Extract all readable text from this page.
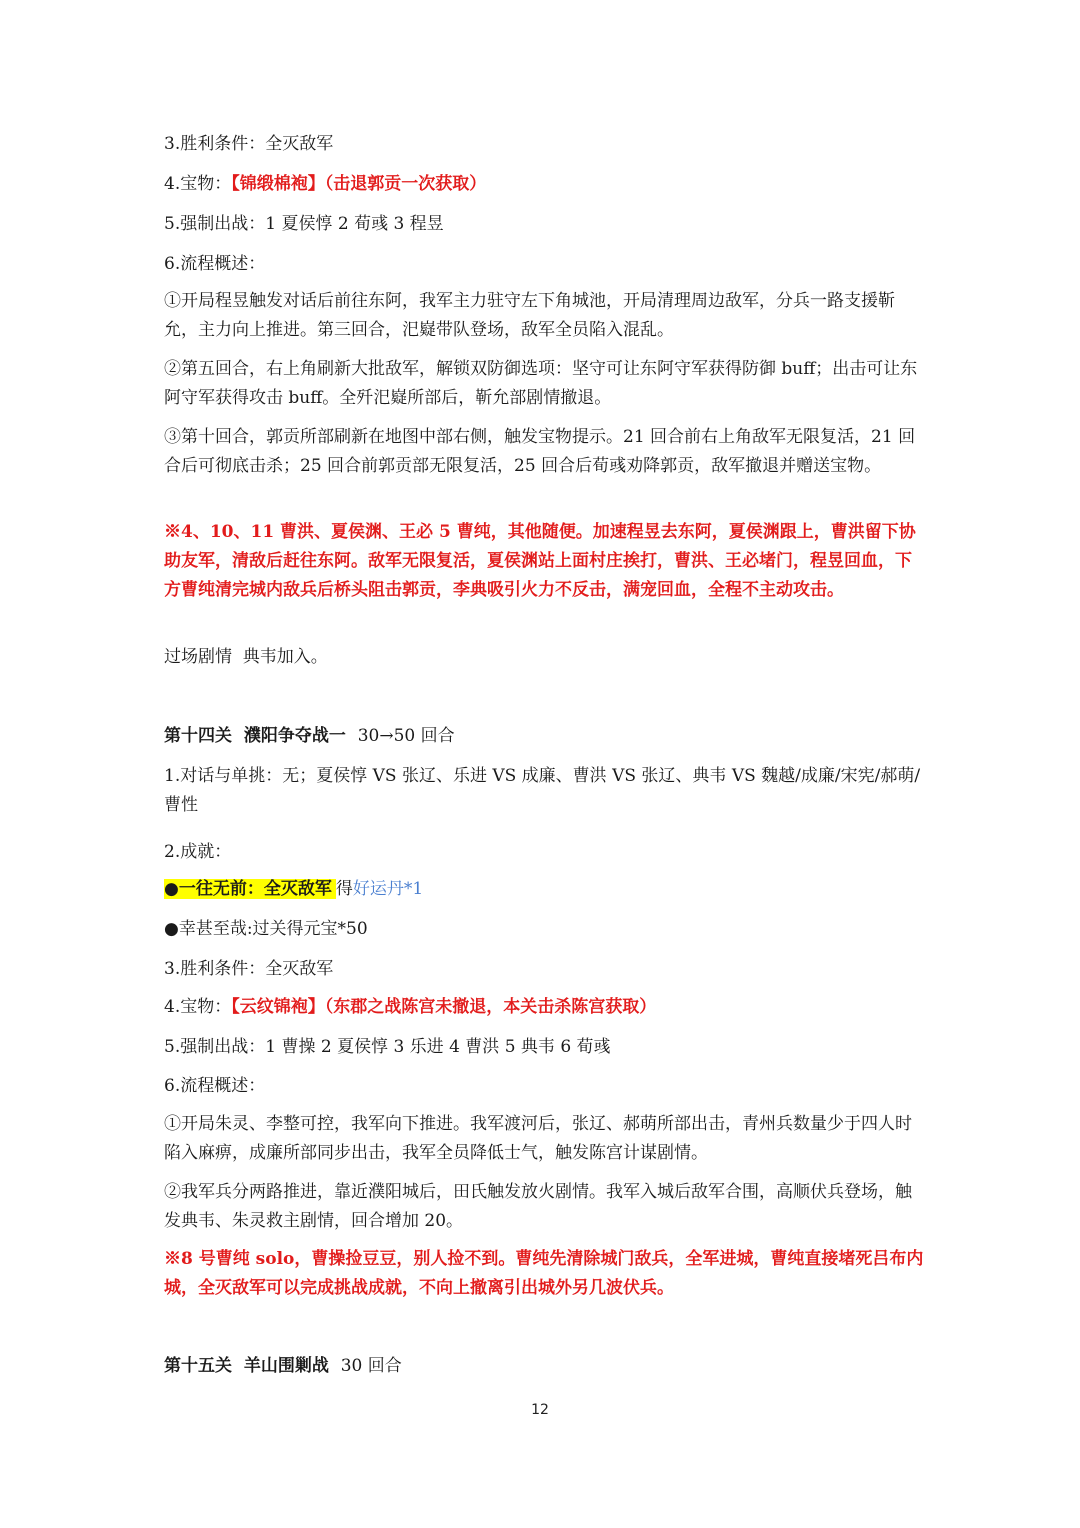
3.胜利条件：全灭敌军

4.宝物：【锦缎棉袍】（击退郭贡一次获取）

5.强制出战：1 夏侯惇 2 荀彧 3 程昱

6.流程概述：

①开局程昱触发对话后前往东阿，我军主力驻守左下角城池，开局清理周边敌军，分兵一路支援靳允，主力向上推进。第三回合，汜嶷带队登场，敌军全员陷入混乱。

②第五回合，右上角刷新大批敌军，解锁双防御选项：坚守可让东阿守军获得防御 buff；出击可让东阿守军获得攻击 buff。全歼汜嶷所部后，靳允部剧情撤退。

③第十回合，郭贡所部刷新在地图中部右侧，触发宝物提示。21 回合前右上角敌军无限复活，21 回合后可彻底击杀；25 回合前郭贡部无限复活，25 回合后荀彧劝降郭贡，敌军撤退并赠送宝物。

※4、10、11 曹洪、夏侯渊、王必 5 曹纯，其他随便。加速程昱去东阿，夏侯渊跟上，曹洪留下协助友军，清敌后赶往东阿。敌军无限复活，夏侯渊站上面村庄挨打，曹洪、王必堵门，程昱回血，下方曹纯清完城内敌兵后桥头阻击郭贡，李典吸引火力不反击，满宠回血，全程不主动攻击。

过场剧情  典韦加入。

第十四关  濮阳争夺战一 30→50 回合

1.对话与单挑：无；夏侯惇 VS 张辽、乐进 VS 成廉、曹洪 VS 张辽、典韦 VS 魏越/成廉/宋宪/郝萌/曹性

2.成就：

●一往无前：全灭敌军 得好运丹*1

●幸甚至哉:过关得元宝*50

3.胜利条件：全灭敌军

4.宝物：【云纹锦袍】（东郡之战陈宫未撤退，本关击杀陈宫获取）

5.强制出战：1 曹操 2 夏侯惇 3 乐进 4 曹洪 5 典韦 6 荀彧

6.流程概述：

①开局朱灵、李整可控，我军向下推进。我军渡河后，张辽、郝萌所部出击，青州兵数量少于四人时陷入麻痹，成廉所部同步出击，我军全员降低士气，触发陈宫计谋剧情。

②我军兵分两路推进，靠近濮阳城后，田氏触发放火剧情。我军入城后敌军合围，高顺伏兵登场，触发典韦、朱灵救主剧情，回合增加 20。

※8 号曹纯 solo，曹操捡豆豆，别人捡不到。曹纯先清除城门敌兵，全军进城，曹纯直接堵死吕布内城，全灭敌军可以完成挑战成就，不向上撤离引出城外另几波伏兵。

第十五关  羊山围剿战 30 回合

12
